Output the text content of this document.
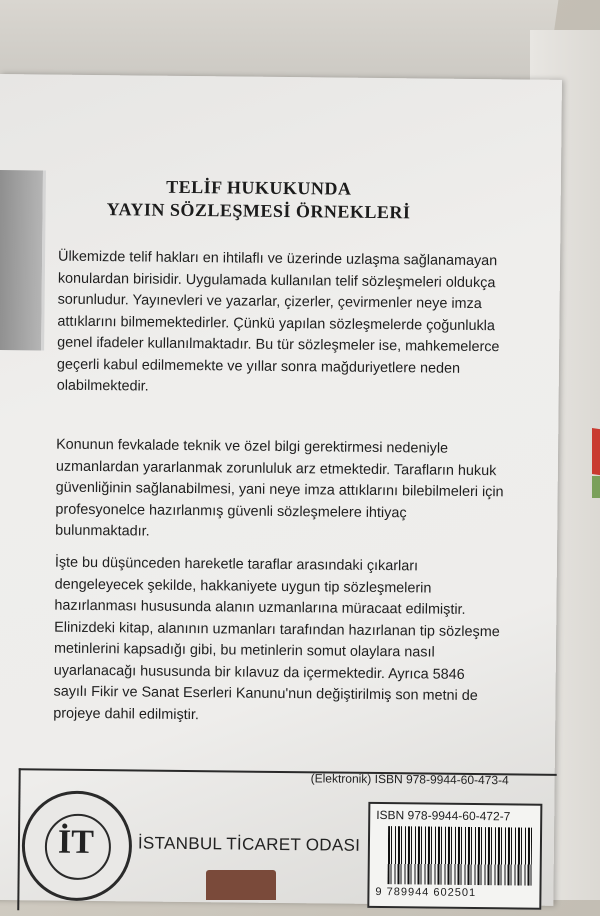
TELİF HUKUKUNDA
YAYIN SÖZLEŞMESİ ÖRNEKLERİ

Ülkemizde telif hakları en ihtilaflı ve üzerinde uzlaşma sağlanamayan konulardan birisidir. Uygulamada kullanılan telif sözleşmeleri oldukça sorunludur. Yayınevleri ve yazarlar, çizerler, çevirmenler neye imza attıklarını bilmemektedirler. Çünkü yapılan sözleşmelerde çoğunlukla genel ifadeler kullanılmaktadır. Bu tür sözleşmeler ise, mahkemelerce geçerli kabul edilmemekte ve yıllar sonra mağduriyetlere neden olabilmektedir.

Konunun fevkalade teknik ve özel bilgi gerektirmesi nedeniyle uzmanlardan yararlanmak zorunluluk arz etmektedir. Tarafların hukuk güvenliğinin sağlanabilmesi, yani neye imza attıklarını bilebilmeleri için profesyonelce hazırlanmış güvenli sözleşmelere ihtiyaç bulunmaktadır.

İşte bu düşünceden hareketle taraflar arasındaki çıkarları dengeleyecek şekilde, hakkaniyete uygun tip sözleşmelerin hazırlanması hususunda alanın uzmanlarına müracaat edilmiştir. Elinizdeki kitap, alanının uzmanları tarafından hazırlanan tip sözleşme metinlerini kapsadığı gibi, bu metinlerin somut olaylara nasıl uyarlanacağı hususunda bir kılavuz da içermektedir. Ayrıca 5846 sayılı Fikir ve Sanat Eserleri Kanunu'nun değiştirilmiş son metni de projeye dahil edilmiştir.

(Elektronik) ISBN 978-9944-60-473-4
İT	İSTANBUL TİCARET ODASI
ISBN 978-9944-60-472-7
9 789944 602501
